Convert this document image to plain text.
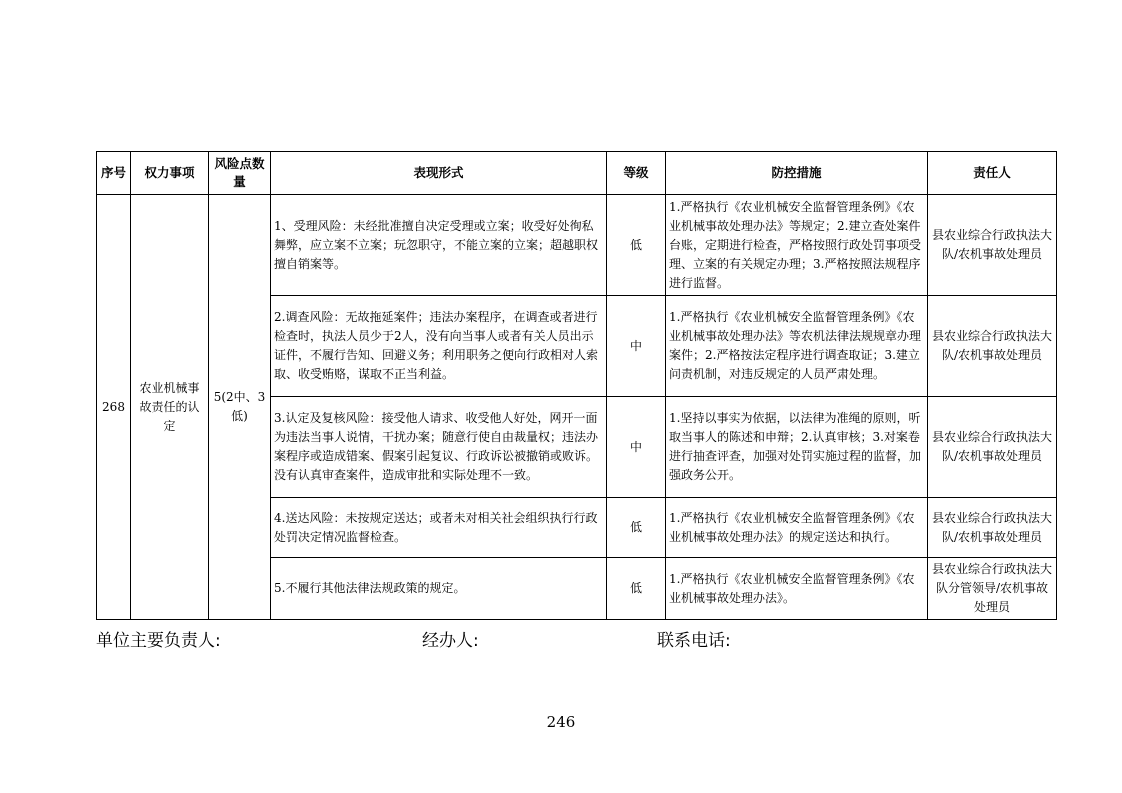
序号	权力事项	风险点数量	表现形式	等级	防控措施	责任人
268	农业机械事故责任的认定	5(2中、3低)	1、受理风险：未经批准擅自决定受理或立案；收受好处徇私舞弊，应立案不立案；玩忽职守，不能立案的立案；超越职权擅自销案等。	低	1.严格执行《农业机械安全监督管理条例》《农业机械事故处理办法》等规定；2.建立查处案件台账，定期进行检查，严格按照行政处罚事项受理、立案的有关规定办理；3.严格按照法规程序进行监督。	县农业综合行政执法大队/农机事故处理员
			2.调查风险：无故拖延案件；违法办案程序，在调查或者进行检查时，执法人员少于2人，没有向当事人或者有关人员出示证件，不履行告知、回避义务；利用职务之便向行政相对人索取、收受贿赂，谋取不正当利益。	中	1.严格执行《农业机械安全监督管理条例》《农业机械事故处理办法》等农机法律法规规章办理案件；2.严格按法定程序进行调查取证；3.建立问责机制，对违反规定的人员严肃处理。	县农业综合行政执法大队/农机事故处理员
			3.认定及复核风险：接受他人请求、收受他人好处，网开一面为违法当事人说情，干扰办案；随意行使自由裁量权；违法办案程序或造成错案、假案引起复议、行政诉讼被撤销或败诉。没有认真审查案件，造成审批和实际处理不一致。	中	1.坚持以事实为依据，以法律为准绳的原则，听取当事人的陈述和申辩；2.认真审核；3.对案卷进行抽查评查，加强对处罚实施过程的监督，加强政务公开。	县农业综合行政执法大队/农机事故处理员
			4.送达风险：未按规定送达；或者未对相关社会组织执行行政处罚决定情况监督检查。	低	1.严格执行《农业机械安全监督管理条例》《农业机械事故处理办法》的规定送达和执行。	县农业综合行政执法大队/农机事故处理员
			5.不履行其他法律法规政策的规定。	低	1.严格执行《农业机械安全监督管理条例》《农业机械事故处理办法》。	县农业综合行政执法大队分管领导/农机事故处理员
单位主要负责人:	经办人:	联系电话:
246
